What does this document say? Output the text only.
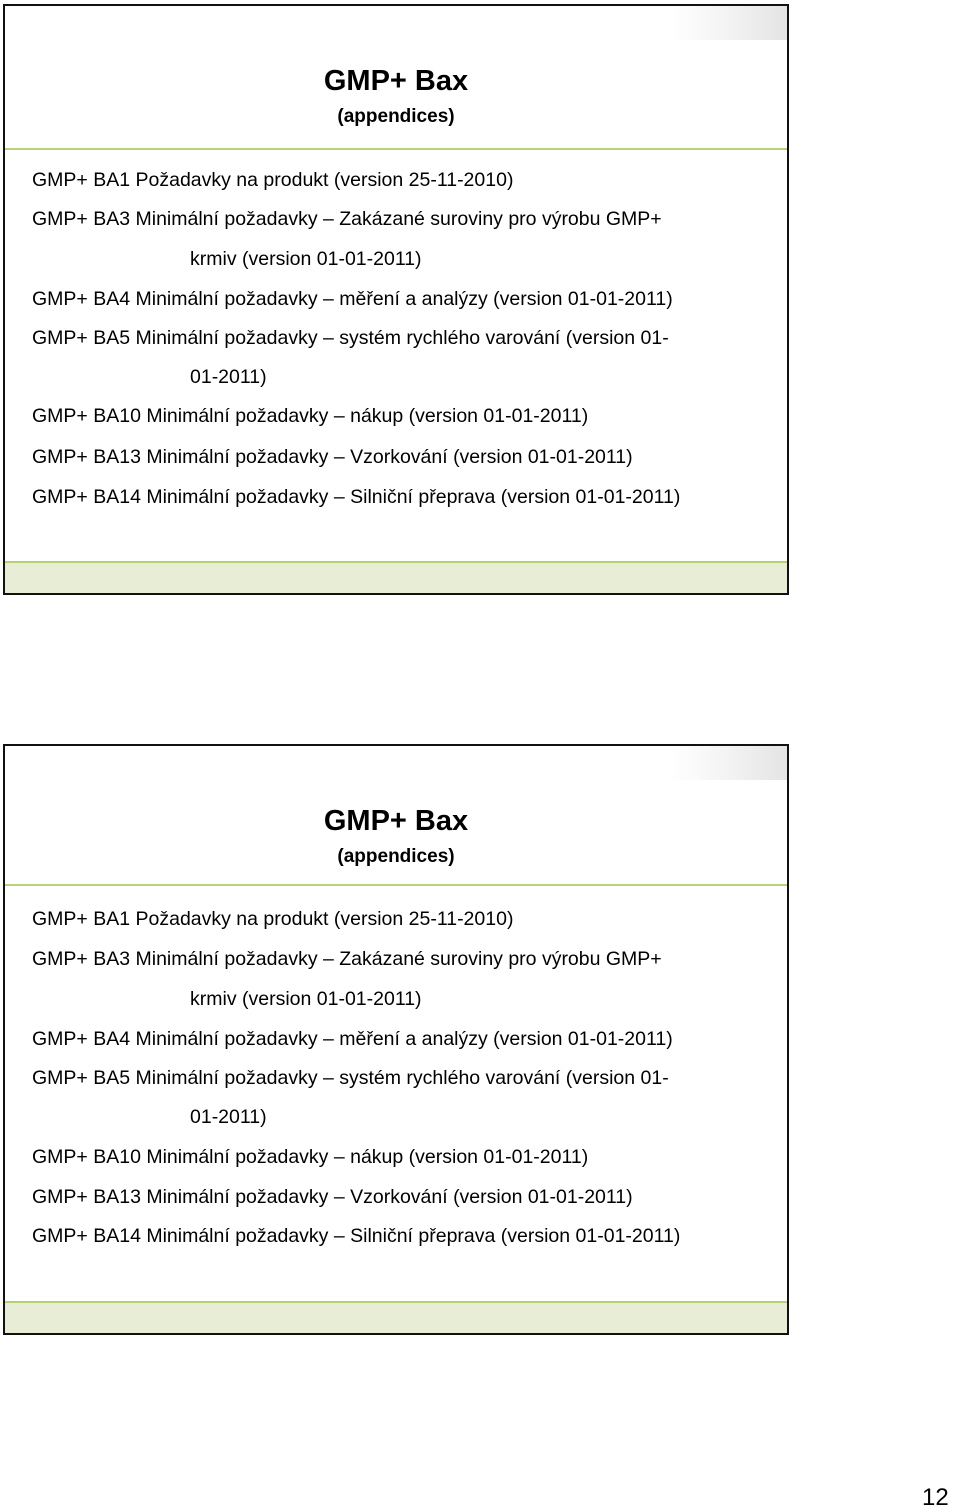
GMP+ Bax
(appendices)
GMP+ BA1 Požadavky na produkt (version 25-11-2010)
GMP+ BA3 Minimální požadavky – Zakázané suroviny pro výrobu GMP+
krmiv (version 01-01-2011)
GMP+ BA4 Minimální požadavky – měření a analýzy (version 01-01-2011)
GMP+ BA5 Minimální požadavky – systém rychlého varování (version 01-
01-2011)
GMP+ BA10 Minimální požadavky – nákup (version 01-01-2011)
GMP+ BA13 Minimální požadavky – Vzorkování (version 01-01-2011)
GMP+ BA14 Minimální požadavky – Silniční přeprava (version 01-01-2011)
GMP+ Bax
(appendices)
GMP+ BA1 Požadavky na produkt (version 25-11-2010)
GMP+ BA3 Minimální požadavky – Zakázané suroviny pro výrobu GMP+
krmiv (version 01-01-2011)
GMP+ BA4 Minimální požadavky – měření a analýzy (version 01-01-2011)
GMP+ BA5 Minimální požadavky – systém rychlého varování (version 01-
01-2011)
GMP+ BA10 Minimální požadavky – nákup (version 01-01-2011)
GMP+ BA13 Minimální požadavky – Vzorkování (version 01-01-2011)
GMP+ BA14 Minimální požadavky – Silniční přeprava (version 01-01-2011)
12
